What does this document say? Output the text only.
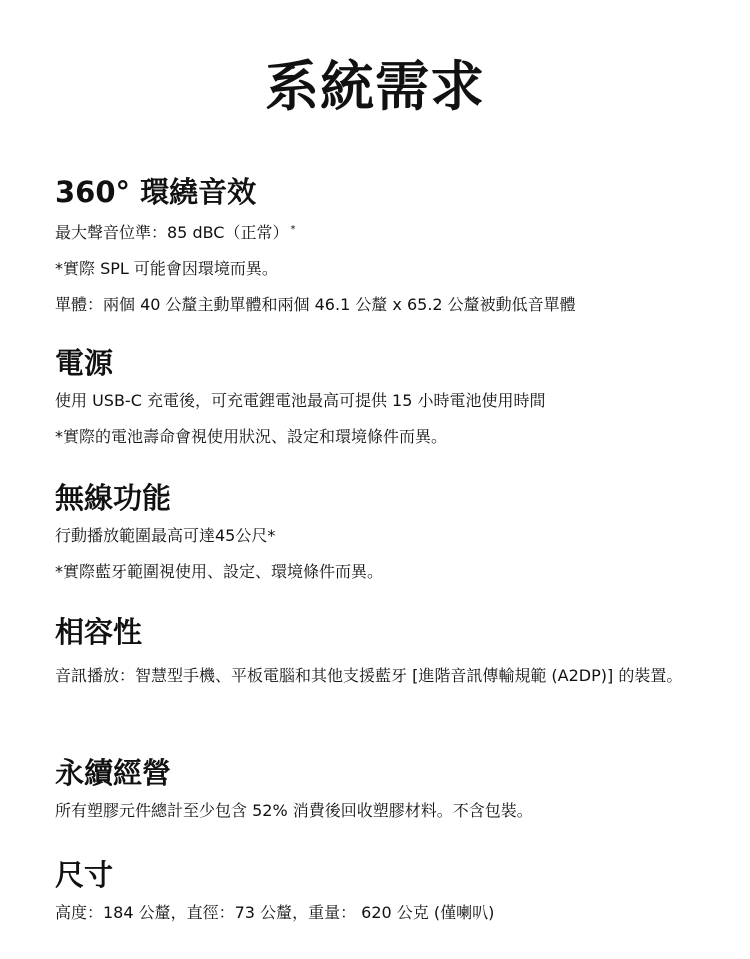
系統需求
360° 環繞音效

最大聲音位準：85 dBC（正常） *

*實際 SPL 可能會因環境而異。

單體：兩個 40 公釐主動單體和兩個 46.1 公釐 x 65.2 公釐被動低音單體

電源

使用 USB-C 充電後，可充電鋰電池最高可提供 15 小時電池使用時間

*實際的電池壽命會視使用狀況、設定和環境條件而異。

無線功能

行動播放範圍最高可達45公尺*

*實際藍牙範圍視使用、設定、環境條件而異。

相容性

音訊播放：智慧型手機、平板電腦和其他支援藍牙 [進階音訊傳輸規範 (A2DP)] 的裝置。

永續經營

所有塑膠元件總計至少包含 52% 消費後回收塑膠材料。不含包裝。

尺寸

高度：184 公釐，直徑：73 公釐，重量： 620 公克 (僅喇叭)
